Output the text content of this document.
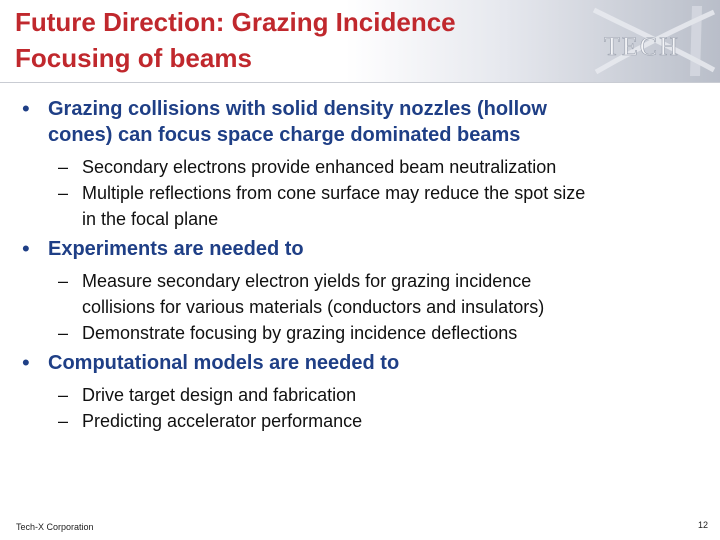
Future Direction: Grazing Incidence
Focusing of beams	TECH
• Grazing collisions with solid density nozzles (hollow
cones) can focus space charge dominated beams
– Secondary electrons provide enhanced beam neutralization
– Multiple reflections from cone surface may reduce the spot size
in the focal plane
• Experiments are needed to
– Measure secondary electron yields for grazing incidence
collisions for various materials (conductors and insulators)
– Demonstrate focusing by grazing incidence deflections
• Computational models are needed to
– Drive target design and fabrication
– Predicting accelerator performance
Tech-X Corporation	12
